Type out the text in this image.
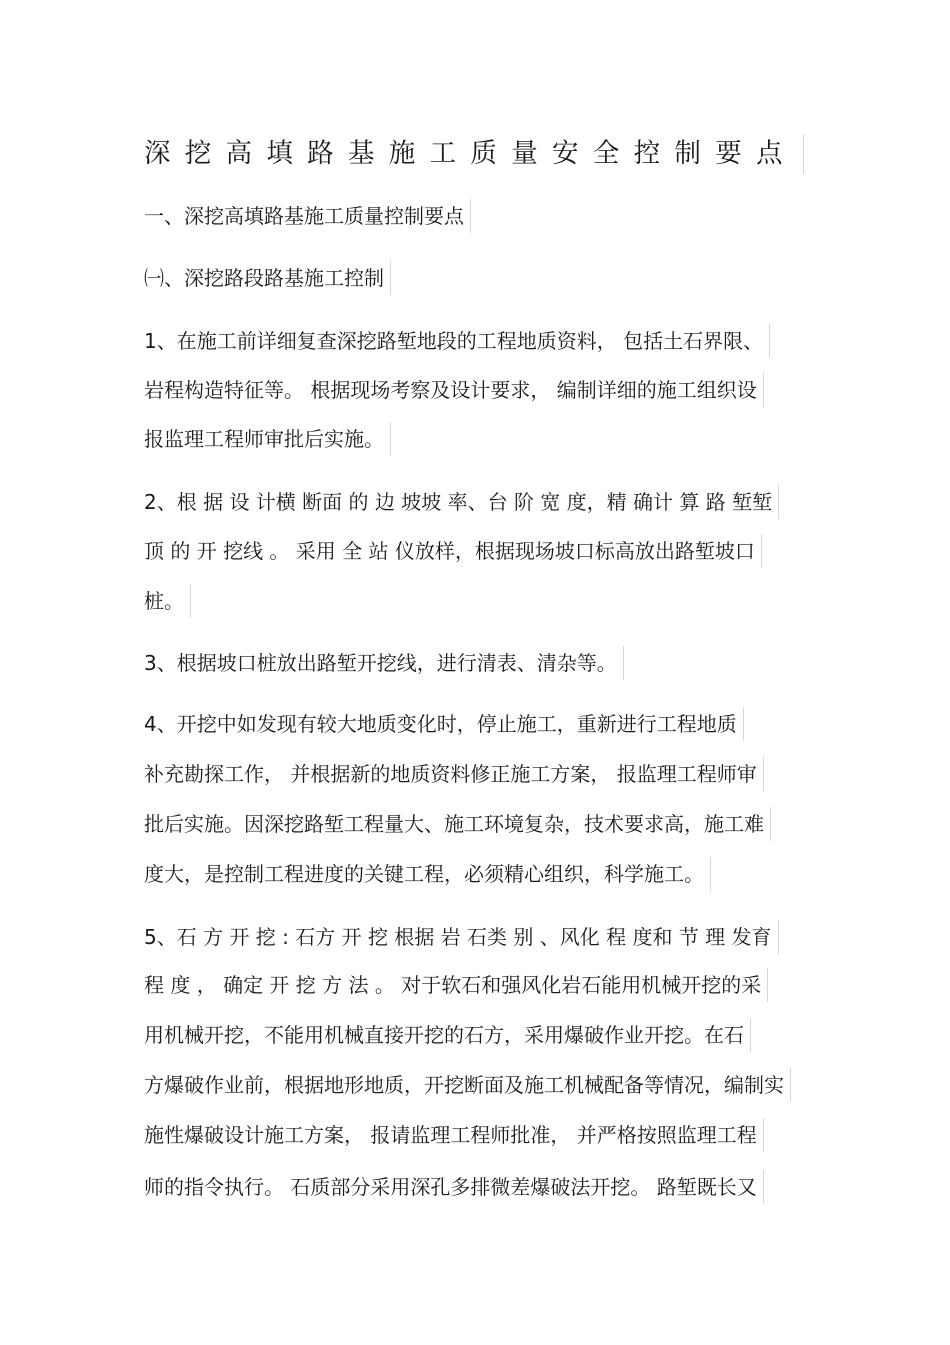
深挖高填路基施工质量安全控制要点
一、深挖高填路基施工质量控制要点
㈠、深挖路段路基施工控制
1、在施工前详细复查深挖路堑地段的工程地质资料， 包括土石界限、
岩程构造特征等。 根据现场考察及设计要求， 编制详细的施工组织设
报监理工程师审批后实施。
2、根 据 设 计横 断面 的 边 坡坡 率、台 阶 宽 度，精 确计 算 路 堑堑
顶 的 开 挖线 。 采用 全 站 仪放样，根据现场坡口标高放出路堑坡口
桩。
3、根据坡口桩放出路堑开挖线，进行清表、清杂等。
4、开挖中如发现有较大地质变化时，停止施工，重新进行工程地质
补充勘探工作， 并根据新的地质资料修正施工方案， 报监理工程师审
批后实施。因深挖路堑工程量大、施工环境复杂，技术要求高，施工难
度大，是控制工程进度的关键工程，必须精心组织，科学施工。
5、石 方 开 挖 : 石方 开 挖 根据 岩 石类 别 、风化 程 度和 节 理 发育
程 度 ， 确定 开 挖 方 法 。 对于软石和强风化岩石能用机械开挖的采
用机械开挖，不能用机械直接开挖的石方，采用爆破作业开挖。在石
方爆破作业前，根据地形地质，开挖断面及施工机械配备等情况，编制实
施性爆破设计施工方案， 报请监理工程师批准， 并严格按照监理工程
师的指令执行。 石质部分采用深孔多排微差爆破法开挖。 路堑既长又
